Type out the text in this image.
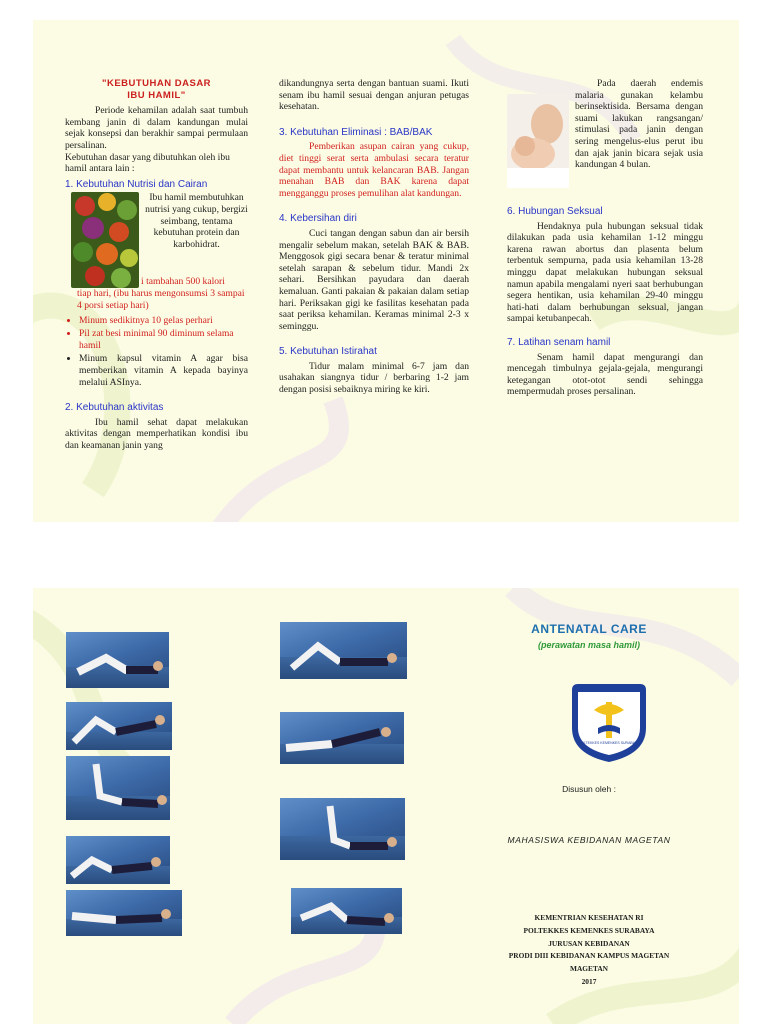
"KEBUTUHAN DASAR
IBU HAMIL"

Periode kehamilan adalah saat tumbuh kembang janin di dalam kandungan mulai sejak konsepsi dan berakhir sampai permulaan persalinan.

Kebutuhan dasar yang dibutuhkan oleh ibu hamil antara lain :

1. Kebutuhan Nutrisi dan Cairan

Ibu hamil membutuhkan nutrisi yang cukup, bergizi seimbang, tentama kebutuhan protein dan karbohidrat.

i tambahan 500 kalori

tiap hari, (ibu harus mengonsumsi 3 sampai 4 porsi setiap hari)

• Minum sedikitnya 10 gelas perhari
• Pil zat besi minimal 90 diminum selama hamil
• Minum kapsul vitamin A agar bisa memberikan vitamin A kepada bayinya melalui ASInya.
2. Kebutuhan aktivitas

Ibu hamil sehat dapat melakukan aktivitas dengan memperhatikan kondisi ibu dan keamanan janin yang

dikandungnya serta dengan bantuan suami. Ikuti senam ibu hamil sesuai dengan anjuran petugas kesehatan.

3. Kebutuhan Eliminasi : BAB/BAK

Pemberikan asupan cairan yang cukup, diet tinggi serat serta ambulasi secara teratur dapat membantu untuk kelancaran BAB. Jangan menahan BAB dan BAK karena dapat mengganggu proses pemulihan alat kandungan.

4. Kebersihan diri

Cuci tangan dengan sabun dan air bersih mengalir sebelum makan, setelah BAK & BAB. Menggosok gigi secara benar & teratur minimal setelah sarapan & sebelum tidur. Mandi 2x sehari. Bersihkan payudara dan daerah kemaluan. Ganti pakaian & pakaian dalam setiap hari. Periksakan gigi ke fasilitas kesehatan pada saat periksa kehamilan. Keramas minimal 2-3 x seminggu.

5. Kebutuhan Istirahat

Tidur malam minimal 6-7 jam dan usahakan siangnya tidur / berbaring 1-2 jam dengan posisi sebaiknya miring ke kiri.

Pada daerah endemis malaria gunakan kelambu berinsektisida. Bersama dengan suami lakukan rangsangan/ stimulasi pada janin dengan sering mengelus-elus perut ibu dan ajak janin bicara sejak usia kandungan 4 bulan.

6. Hubungan Seksual

Hendaknya pula hubungan seksual tidak dilakukan pada usia kehamilan 1-12 minggu karena rawan abortus dan plasenta belum terbentuk sempurna, pada usia kehamilan 13-28 minggu dapat melakukan hubungan seksual namun apabila mengalami nyeri saat berhubungan segera hentikan, usia kehamilan 29-40 minggu hati-hati dalam berhubungan seksual, jangan sampai ketubanpecah.

7. Latihan senam hamil

Senam hamil dapat mengurangi dan mencegah timbulnya gejala-gejala, mengurangi ketegangan otot-otot sendi sehingga mempermudah proses persalinan.

ANTENATAL CARE
(perawatan masa hamil)
POLTEKKES KEMENKES SURABAYA
Disusun oleh :
MAHASISWA KEBIDANAN MAGETAN
KEMENTRIAN KESEHATAN RI
POLTEKKES KEMENKES SURABAYA
JURUSAN KEBIDANAN
PRODI DIII KEBIDANAN KAMPUS MAGETAN
MAGETAN
2017
